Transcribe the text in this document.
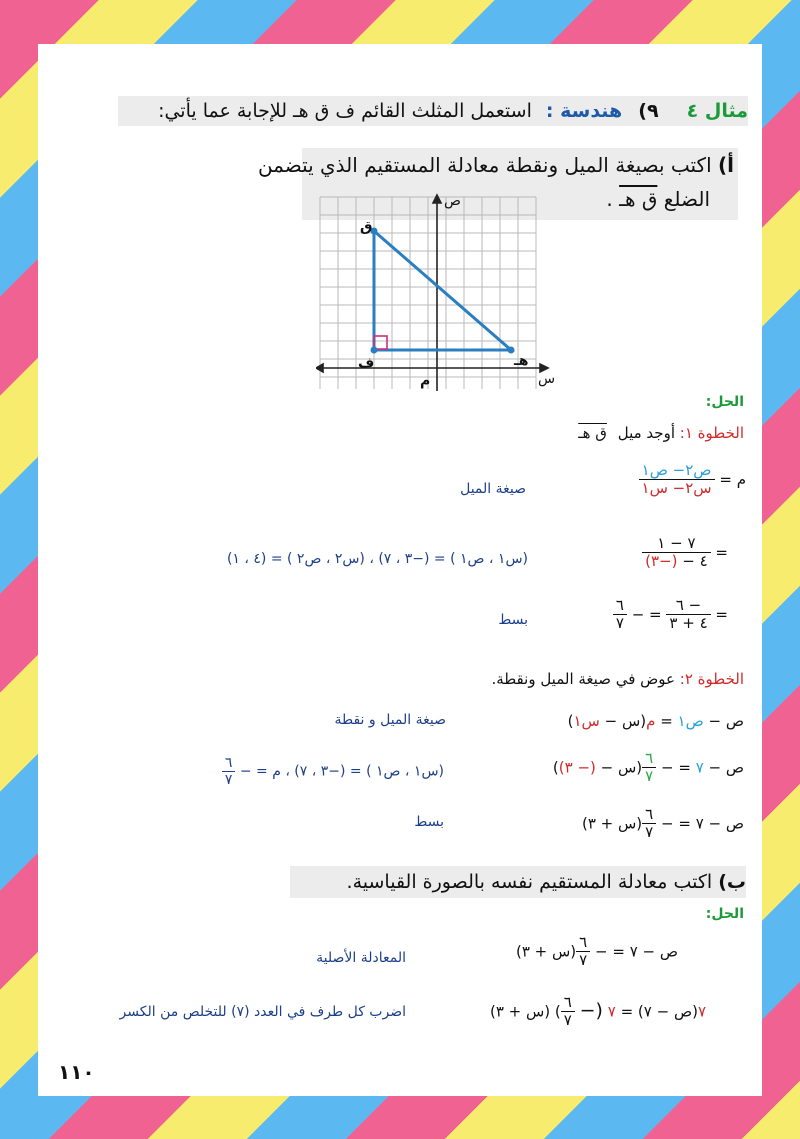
مثال ٤ ٩) هندسة : استعمل المثلث القائم ف ق هـ للإجابة عما يأتي:
أ) اكتب بصيغة الميل ونقطة معادلة المستقيم الذي يتضمن
الضلع ق هـ .
ص
س
م
ق
ف	هـ
الحل:
الخطوة ١: أوجد ميل ق هـ
م =
$\frac{\text{ص٢− ص١}}{\text{س٢− س١}}$
صيغة الميل
=
$\frac{٧ - ١}{٤ - (-٣)}$
(س١ ، ص١ ) = (−٣ ، ٧) ، (س٢ ، ص٢ ) = (٤ ، ١)
=
$\frac{- ٦}{٤ + ٣}$
= −
$\frac{٦}{٧}$
بسط
الخطوة ٢: عوض في صيغة الميل ونقطة.
ص − ص١ = م(س − س١)
صيغة الميل و نقطة
ص − ٧ = −
$\frac{٦}{٧}$
(س − (− ٣))
(س١ ، ص١ ) = (−٣ ، ٧) ، م = −
$\frac{٦}{٧}$
ص − ٧ = −
$\frac{٦}{٧}$
(س + ٣)
بسط
ب) اكتب معادلة المستقيم نفسه بالصورة القياسية.
الحل:
ص − ٧ = −
$\frac{٦}{٧}$
(س + ٣)
المعادلة الأصلية
٧(ص − ٧) = ٧ (−
$\frac{٦}{٧}$
) (س + ٣)
اضرب كل طرف في العدد (٧) للتخلص من الكسر
١١٠
